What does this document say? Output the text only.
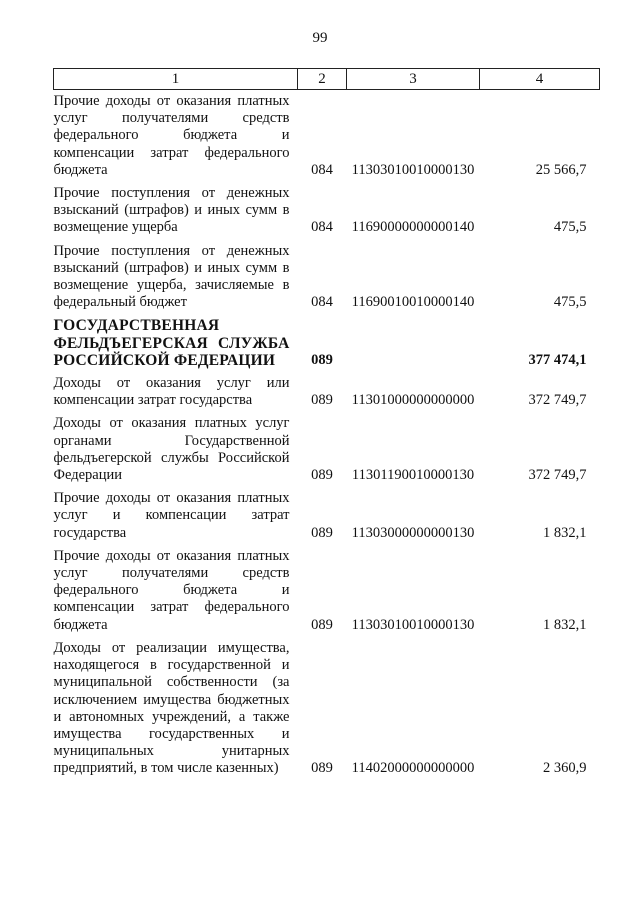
99
1	2	3	4
Прочие доходы от оказания платных услуг получателями средств федерального бюджета и компенсации затрат федерального бюджета	084	11303010010000130	25 566,7
Прочие поступления от денежных взысканий (штрафов) и иных сумм в возмещение ущерба	084	11690000000000140	475,5
Прочие поступления от денежных взысканий (штрафов) и иных сумм в возмещение ущерба, зачисляемые в федеральный бюджет	084	11690010010000140	475,5
ГОСУДАРСТВЕННАЯ ФЕЛЬДЪЕГЕРСКАЯ СЛУЖБА РОССИЙСКОЙ ФЕДЕРАЦИИ	089		377 474,1
Доходы от оказания услуг или компенсации затрат государства	089	11301000000000000	372 749,7
Доходы от оказания платных услуг органами Государственной фельдъегерской службы Российской Федерации	089	11301190010000130	372 749,7
Прочие доходы от оказания платных услуг и компенсации затрат государства	089	11303000000000130	1 832,1
Прочие доходы от оказания платных услуг получателями средств федерального бюджета и компенсации затрат федерального бюджета	089	11303010010000130	1 832,1
Доходы от реализации имущества, находящегося в государственной и муниципальной собственности (за исключением имущества бюджетных и автономных учреждений, а также имущества государственных и муниципальных унитарных предприятий, в том числе казенных)	089	11402000000000000	2 360,9
